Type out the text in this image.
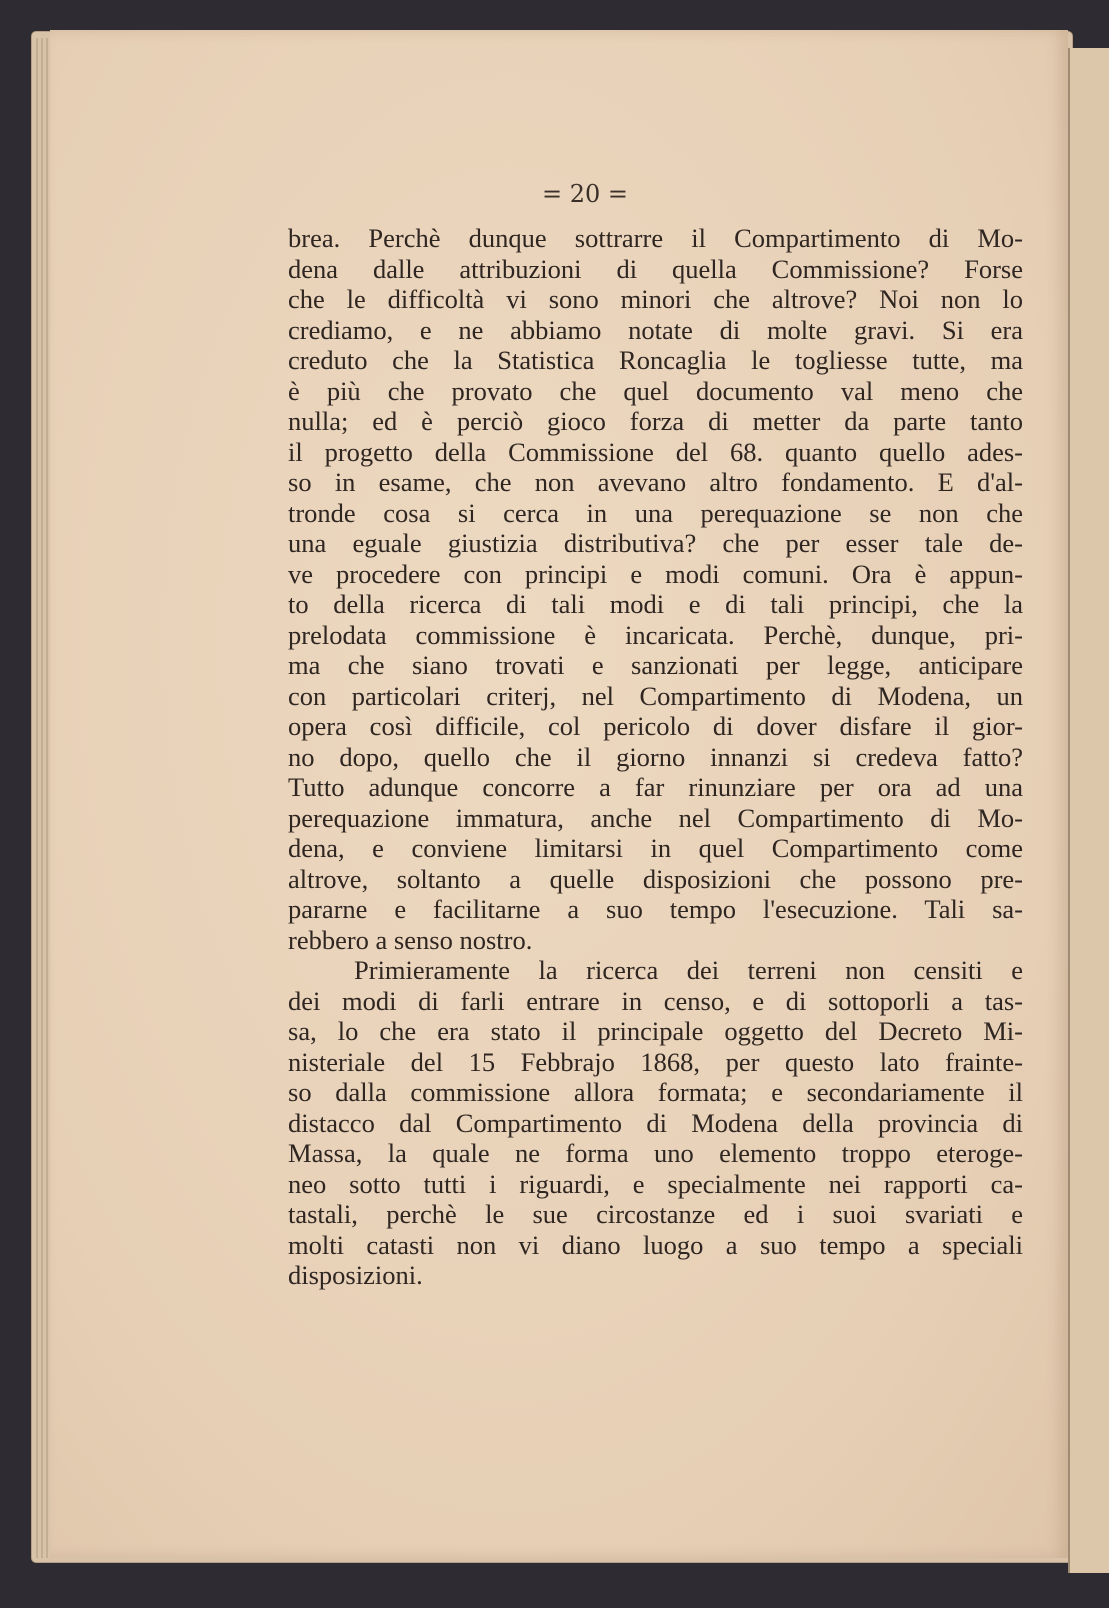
= 20 =
brea. Perchè dunque sottrarre il Compartimento di Mo-
dena dalle attribuzioni di quella Commissione? Forse
che le difficoltà vi sono minori che altrove? Noi non lo
crediamo, e ne abbiamo notate di molte gravi. Si era
creduto che la Statistica Roncaglia le togliesse tutte, ma
è più che provato che quel documento val meno che
nulla; ed è perciò gioco forza di metter da parte tanto
il progetto della Commissione del 68. quanto quello ades-
so in esame, che non avevano altro fondamento. E d'al-
tronde cosa si cerca in una perequazione se non che
una eguale giustizia distributiva? che per esser tale de-
ve procedere con principi e modi comuni. Ora è appun-
to della ricerca di tali modi e di tali principi, che la
prelodata commissione è incaricata. Perchè, dunque, pri-
ma che siano trovati e sanzionati per legge, anticipare
con particolari criterj, nel Compartimento di Modena, un
opera così difficile, col pericolo di dover disfare il gior-
no dopo, quello che il giorno innanzi si credeva fatto?
Tutto adunque concorre a far rinunziare per ora ad una
perequazione immatura, anche nel Compartimento di Mo-
dena, e conviene limitarsi in quel Compartimento come
altrove, soltanto a quelle disposizioni che possono pre-
pararne e facilitarne a suo tempo l'esecuzione. Tali sa-
rebbero a senso nostro.
Primieramente la ricerca dei terreni non censiti e
dei modi di farli entrare in censo, e di sottoporli a tas-
sa, lo che era stato il principale oggetto del Decreto Mi-
nisteriale del 15 Febbrajo 1868, per questo lato frainte-
so dalla commissione allora formata; e secondariamente il
distacco dal Compartimento di Modena della provincia di
Massa, la quale ne forma uno elemento troppo eteroge-
neo sotto tutti i riguardi, e specialmente nei rapporti ca-
tastali, perchè le sue circostanze ed i suoi svariati e
molti catasti non vi diano luogo a suo tempo a speciali
disposizioni.
